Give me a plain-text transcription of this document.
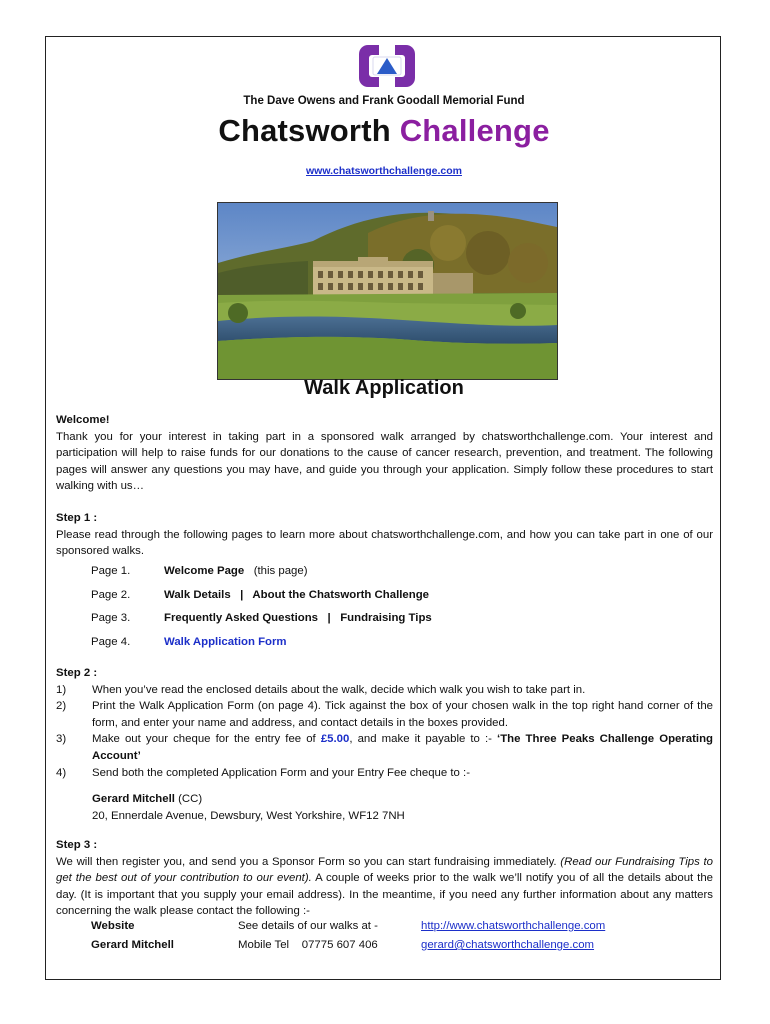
The Dave Owens and Frank Goodall Memorial Fund
Chatsworth Challenge
www.chatsworthchallenge.com
Walk Application
Welcome!

Thank you for your interest in taking part in a sponsored walk arranged by chatsworthchallenge.com. Your interest and participation will help to raise funds for our donations to the cause of cancer research, prevention, and treatment. The following pages will answer any questions you may have, and guide you through your application. Simply follow these procedures to start walking with us…

Step 1 :

Please read through the following pages to learn more about chatsworthchallenge.com, and how you can take part in one of our sponsored walks.

Page 1.	Welcome Page
(this page)
Page 2.	Walk Details   |   About the Chatsworth Challenge
Page 3.	Frequently Asked Questions   |   Fundraising Tips
Page 4.	Walk Application Form
Step 2 :
1)	When you’ve read the enclosed details about the walk, decide which walk you wish to take part in.
2)	Print the Walk Application Form (on page 4). Tick against the box of your chosen walk in the top right hand corner of the form, and enter your name and address, and contact details in the boxes provided.
3)	Make out your cheque for the entry fee of £5.00, and make it payable to :- ‘The Three Peaks Challenge Operating Account’
4)	Send both the completed Application Form and your Entry Fee cheque to :-
Gerard Mitchell (CC)
20, Ennerdale Avenue, Dewsbury, West Yorkshire, WF12 7NH
Step 3 :

We will then register you, and send you a Sponsor Form so you can start fundraising immediately. (Read our Fundraising Tips to get the best out of your contribution to our event). A couple of weeks prior to the walk we’ll notify you of all the details about the day. (It is important that you supply your email address). In the meantime, if you need any further information about any matters concerning the walk please contact the following :-

Website	See details of our walks at -	http://www.chatsworthchallenge.com
Gerard Mitchell	Mobile Tel    07775 607 406	gerard@chatsworthchallenge.com
